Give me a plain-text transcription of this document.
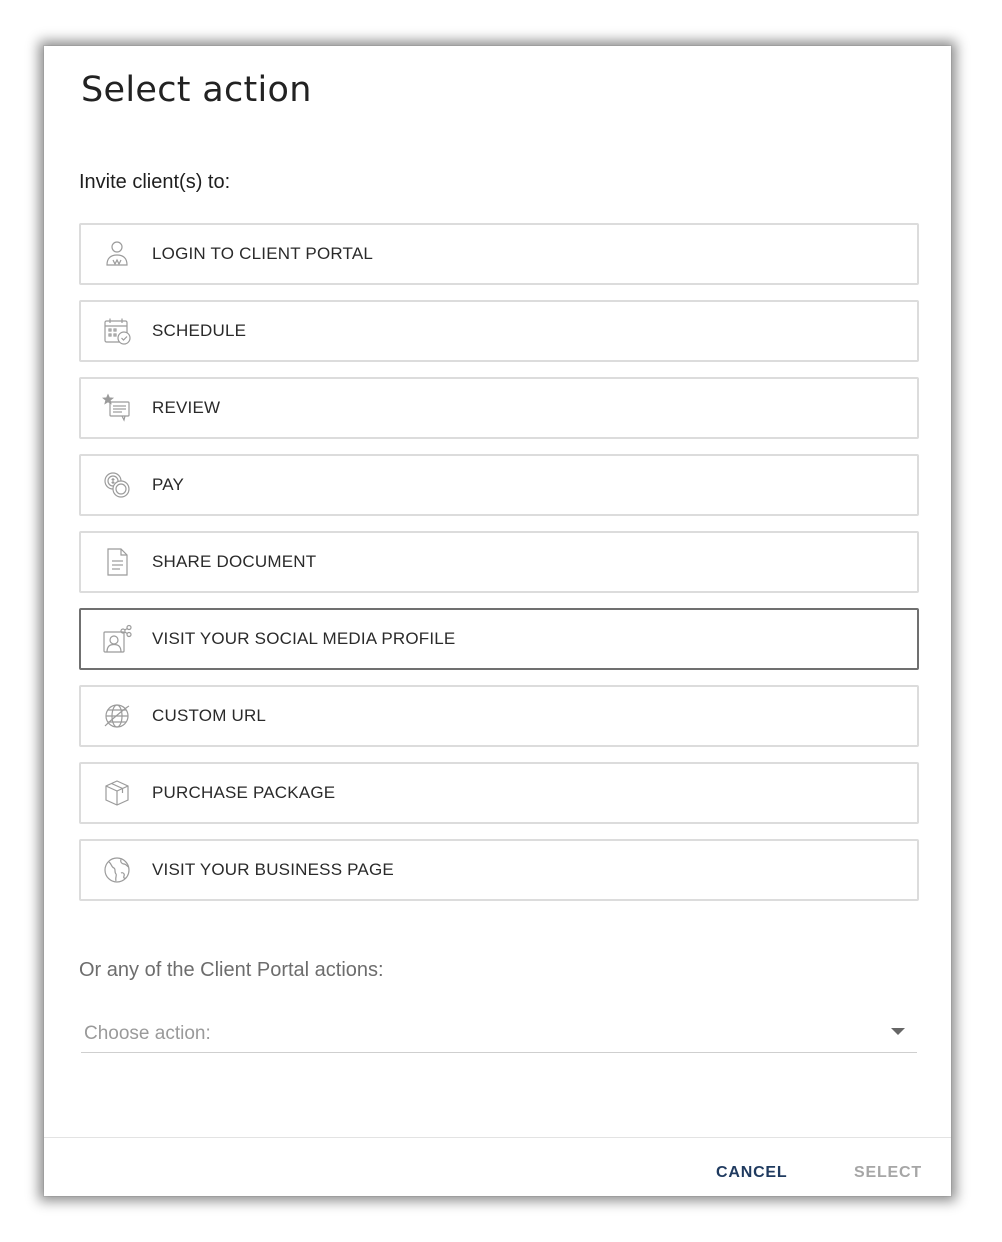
Select action
Invite client(s) to:
LOGIN TO CLIENT PORTAL
SCHEDULE
REVIEW
PAY
SHARE DOCUMENT
VISIT YOUR SOCIAL MEDIA PROFILE
CUSTOM URL
PURCHASE PACKAGE
VISIT YOUR BUSINESS PAGE
Or any of the Client Portal actions:
Choose action:
CANCEL	SELECT
